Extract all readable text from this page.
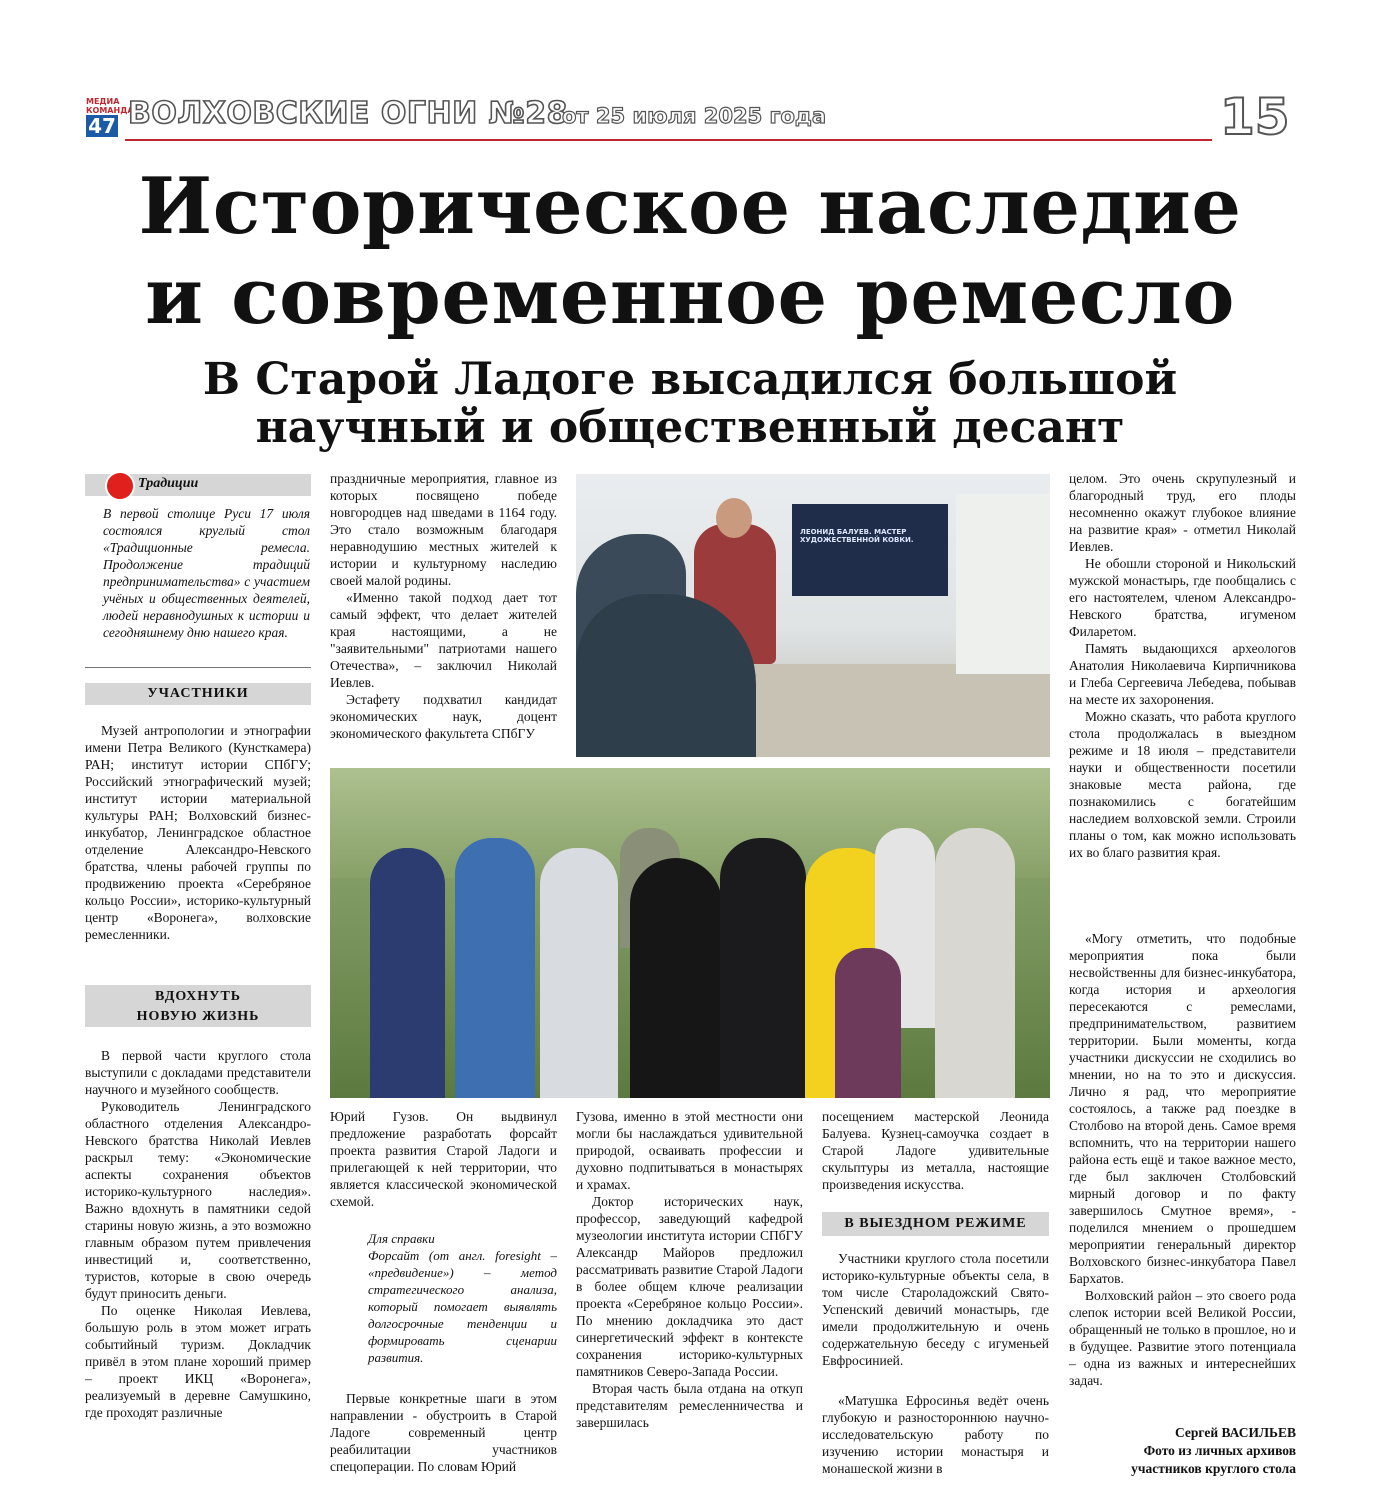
МЕДИА КОМАНДА
47 ВОЛХОВСКИЕ ОГНИ №28
от 25 июля 2025 года	15
Историческое наследие
и современное ремесло
В Старой Ладоге высадился большой
научный и общественный десант
Традиции
В первой столице Руси 17 июля состоялся круглый стол «Традиционные ремесла. Продолжение традиций предпринимательства» с участием учёных и общественных деятелей, людей неравнодушных к истории и сегодняшнему дню нашего края.
УЧАСТНИКИ

Музей антропологии и этнографии имени Петра Великого (Кунсткамера) РАН; институт истории СПбГУ; Российский этнографический музей; институт истории материальной культуры РАН; Волховский бизнес-инкубатор, Ленинградское областное отделение Александро-Невского братства, члены рабочей группы по продвижению проекта «Серебряное кольцо России», историко-культурный центр «Воронега», волховские ремесленники.

ВДОХНУТЬ
НОВУЮ ЖИЗНЬ

В первой части круглого стола выступили с докладами представители научного и музейного сообществ.

Руководитель Ленинградского областного отделения Александро-Невского братства Николай Иевлев раскрыл тему: «Экономические аспекты сохранения объектов историко-культурного наследия». Важно вдохнуть в памятники седой старины новую жизнь, а это возможно главным образом путем привлечения инвестиций и, соответственно, туристов, которые в свою очередь будут приносить деньги.

По оценке Николая Иевлева, большую роль в этом может играть событийный туризм. Докладчик привёл в этом плане хороший пример – проект ИКЦ «Воронега», реализуемый в деревне Самушкино, где проходят различные

праздничные мероприятия, главное из которых посвящено победе новгородцев над шведами в 1164 году. Это стало возможным благодаря неравнодушию местных жителей к истории и культурному наследию своей малой родины.

«Именно такой подход дает тот самый эффект, что делает жителей края настоящими, а не "заявительными" патриотами нашего Отечества», – заключил Николай Иевлев.

Эстафету подхватил кандидат экономических наук, доцент экономического факультета СПбГУ

ЛЕОНИД БАЛУЕВ. МАСТЕР ХУДОЖЕСТВЕННОЙ КОВКИ.

Юрий Гузов. Он выдвинул предложение разработать форсайт проекта развития Старой Ладоги и прилегающей к ней территории, что является классической экономической схемой.

Для справки
Форсайт (от англ. foresight – «предвидение») – метод стратегического анализа, который помогает выявлять долгосрочные тенденции и формировать сценарии развития.

Первые конкретные шаги в этом направлении - обустроить в Старой Ладоге современный центр реабилитации участников спецоперации. По словам Юрий

Гузова, именно в этой местности они могли бы наслаждаться удивительной природой, осваивать профессии и духовно подпитываться в монастырях и храмах.

Доктор исторических наук, профессор, заведующий кафедрой музеологии института истории СПбГУ Александр Майоров предложил рассматривать развитие Старой Ладоги в более общем ключе реализации проекта «Серебряное кольцо России». По мнению докладчика это даст синергетический эффект в контексте сохранения историко-культурных памятников Северо-Запада России.

Вторая часть была отдана на откуп представителям ремесленничества и завершилась

посещением мастерской Леонида Балуева. Кузнец-самоучка создает в Старой Ладоге удивительные скульптуры из металла, настоящие произведения искусства.

В ВЫЕЗДНОМ РЕЖИМЕ

Участники круглого стола посетили историко-культурные объекты села, в том числе Староладожский Свято-Успенский девичий монастырь, где имели продолжительную и очень содержательную беседу с игуменьей Евфросинией.

«Матушка Ефросинья ведёт очень глубокую и разностороннюю научно-исследовательскую работу по изучению истории монастыря и монашеской жизни в

целом. Это очень скрупулезный и благородный труд, его плоды несомненно окажут глубокое влияние на развитие края» - отметил Николай Иевлев.

Не обошли стороной и Никольский мужской монастырь, где пообщались с его настоятелем, членом Александро-Невского братства, игуменом Филаретом.

Память выдающихся археологов Анатолия Николаевича Кирпичникова и Глеба Сергеевича Лебедева, побывав на месте их захоронения.

Можно сказать, что работа круглого стола продолжалась в выездном режиме и 18 июля – представители науки и общественности посетили знаковые места района, где познакомились с богатейшим наследием волховской земли. Строили планы о том, как можно использовать их во благо развития края.

«Могу отметить, что подобные мероприятия пока были несвойственны для бизнес-инкубатора, когда история и археология пересекаются с ремеслами, предпринимательством, развитием территории. Были моменты, когда участники дискуссии не сходились во мнении, но на то это и дискуссия. Лично я рад, что мероприятие состоялось, а также рад поездке в Столбово на второй день. Самое время вспомнить, что на территории нашего района есть ещё и такое важное место, где был заключен Столбовский мирный договор и по факту завершилось Смутное время», - поделился мнением о прошедшем мероприятии генеральный директор Волховского бизнес-инкубатора Павел Бархатов.

Волховский район – это своего рода слепок истории всей Великой России, обращенный не только в прошлое, но и в будущее. Развитие этого потенциала – одна из важных и интереснейших задач.

Сергей ВАСИЛЬЕВ
Фото из личных архивов
участников круглого стола
